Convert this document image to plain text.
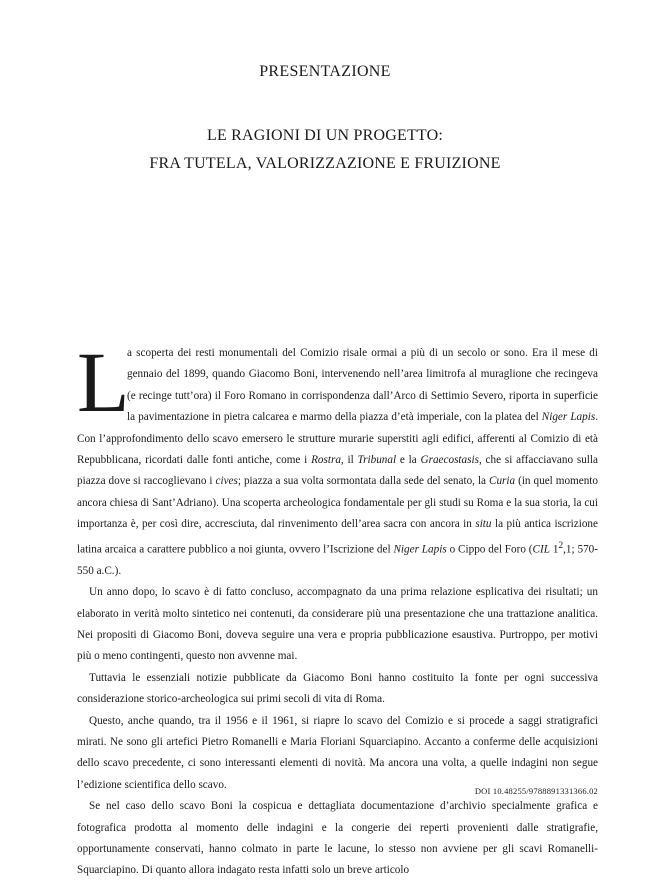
PRESENTAZIONE
LE RAGIONI DI UN PROGETTO:
FRA TUTELA, VALORIZZAZIONE E FRUIZIONE

L
a scoperta dei resti monumentali del Comizio risale ormai a più di un secolo or sono. Era il mese di gennaio del 1899, quando Giacomo Boni, intervenendo nell’area limitrofa al muraglione che recingeva (e recinge tutt’ora) il Foro Romano in corrispondenza dall’Arco di Settimio Severo, riporta in superficie la pavimentazione in pietra calcarea e marmo della piazza d’età imperiale, con la platea del Niger Lapis. Con l’approfondimento dello scavo emersero le strutture murarie superstiti agli edifici, afferenti al Comizio di età Repubblicana, ricordati dalle fonti antiche, come i Rostra, il Tribunal e la Graecostasis, che si affacciavano sulla piazza dove si raccoglievano i cives; piazza a sua volta sormontata dalla sede del senato, la Curia (in quel momento ancora chiesa di Sant’Adriano). Una scoperta archeologica fondamentale per gli studi su Roma e la sua storia, la cui importanza è, per così dire, accresciuta, dal rinvenimento dell’area sacra con ancora in situ la più antica iscrizione latina arcaica a carattere pubblico a noi giunta, ovvero l’Iscrizione del Niger Lapis o Cippo del Foro (CIL $1^2,1$; 570-550 a.C.).

Un anno dopo, lo scavo è di fatto concluso, accompagnato da una prima relazione esplicativa dei risultati; un elaborato in verità molto sintetico nei contenuti, da considerare più una presentazione che una trattazione analitica. Nei propositi di Giacomo Boni, doveva seguire una vera e propria pubblicazione esaustiva. Purtroppo, per motivi più o meno contingenti, questo non avvenne mai.

Tuttavia le essenziali notizie pubblicate da Giacomo Boni hanno costituito la fonte per ogni successiva considerazione storico-archeologica sui primi secoli di vita di Roma.

Questo, anche quando, tra il 1956 e il 1961, si riapre lo scavo del Comizio e si procede a saggi stratigrafici mirati. Ne sono gli artefici Pietro Romanelli e Maria Floriani Squarciapino. Accanto a conferme delle acquisizioni dello scavo precedente, ci sono interessanti elementi di novità. Ma ancora una volta, a quelle indagini non segue l’edizione scientifica dello scavo.

Se nel caso dello scavo Boni la cospicua e dettagliata documentazione d’archivio specialmente grafica e fotografica prodotta al momento delle indagini e la congerie dei reperti provenienti dalle stratigrafie, opportunamente conservati, hanno colmato in parte le lacune, lo stesso non avviene per gli scavi Romanelli-Squarciapino. Di quanto allora indagato resta infatti solo un breve articolo

DOI 10.48255/9788891331366.02
